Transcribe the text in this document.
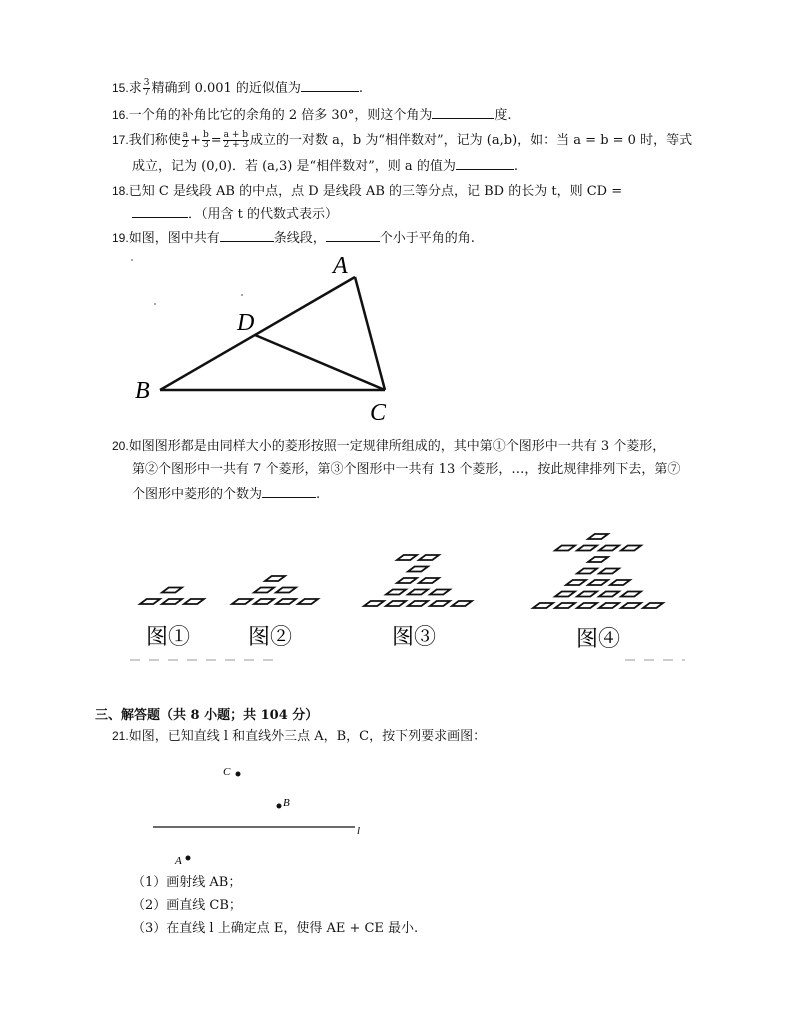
15.求 $\frac{3}{7}$ 精确到 0.001 的近似值为	.
16.一个角的补角比它的余角的 2 倍多 30°，则这个角为	度.
17.我们称使 $\frac{a}{2} + \frac{b}{3} = \frac{a + b}{2 + 3}$ 成立的一对数 a，b 为“相伴数对”，记为 (a,b)，如：当 a = b = 0 时，等式
成立，记为 (0,0)．若 (a,3) 是“相伴数对”，则 a 的值为	.
18.已知 C 是线段 AB 的中点，点 D 是线段 AB 的三等分点，记 BD 的长为 t，则 CD =
．（用含 t 的代数式表示）
19.如图，图中共有	条线段，	个小于平角的角.
A
B
C
D
20.如图图形都是由同样大小的菱形按照一定规律所组成的，其中第①个图形中一共有 3 个菱形，
第②个图形中一共有 7 个菱形，第③个图形中一共有 13 个菱形，…，按此规律排列下去，第⑦
个图形中菱形的个数为	.
图①	图②	图③	图④
三、解答题（共 8 小题；共 104 分）
21.如图，已知直线 l 和直线外三点 A，B，C，按下列要求画图：
C
B
l
A
（1）画射线 AB；
（2）画直线 CB；
（3）在直线 l 上确定点 E，使得 AE + CE 最小.
